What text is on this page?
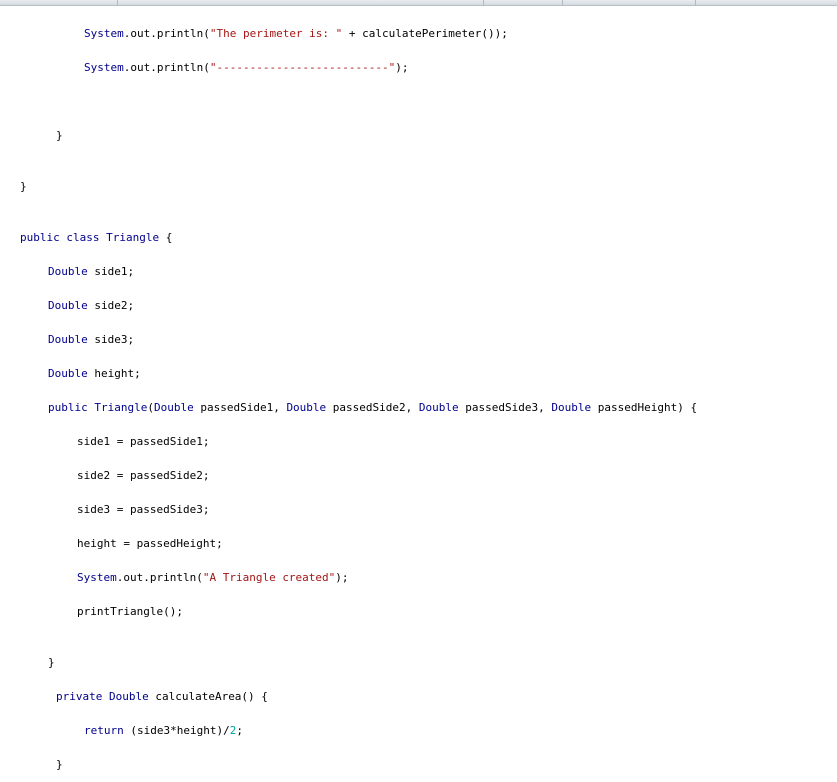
System.out.println("The perimeter is: " + calculatePerimeter());
System.out.println("--------------------------");
}
}
public class Triangle {
Double side1;
Double side2;
Double side3;
Double height;
public Triangle(Double passedSide1, Double passedSide2, Double passedSide3, Double passedHeight) {
side1 = passedSide1;
side2 = passedSide2;
side3 = passedSide3;
height = passedHeight;
System.out.println("A Triangle created");
printTriangle();
}
private Double calculateArea() {
return (side3*height)/2;
}
